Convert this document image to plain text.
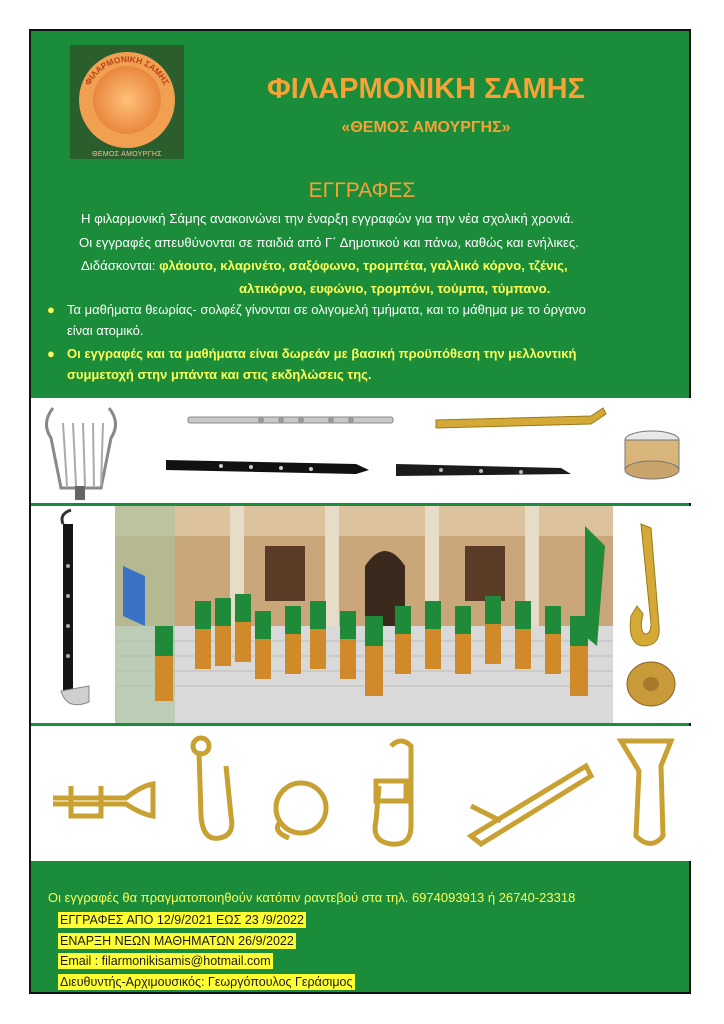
ΦΙΛΑΡΜΟΝΙΚΗ ΣΑΜΗΣ
ΘΕΜΟΣ ΑΜΟΥΡΓΗΣ
ΦΙΛΑΡΜΟΝΙΚΗ ΣΑΜΗΣ
«ΘΕΜΟΣ ΑΜΟΥΡΓΗΣ»
ΕΓΓΡΑΦΕΣ
Η φιλαρμονική Σάμης ανακοινώνει την έναρξη εγγραφών για την νέα σχολική χρονιά.
Οι εγγραφές απευθύνονται σε παιδιά από Γ΄ Δημοτικού και πάνω, καθώς και ενήλικες.
Διδάσκονται: φλάουτο, κλαρινέτο, σαξόφωνο, τρομπέτα, γαλλικό κόρνο, τζένις,
αλτικόρνο, ευφώνιο, τρομπόνι, τούμπα, τύμπανο.
● Τα μαθήματα θεωρίας- σολφέζ γίνονται σε ολιγομελή τμήματα, και το μάθημα με το όργανο
είναι ατομικό.
● Οι εγγραφές και τα μαθήματα είναι δωρεάν με βασική προϋπόθεση την μελλοντική
συμμετοχή στην μπάντα και στις εκδηλώσεις της.
Οι εγγραφές θα πραγματοποιηθούν κατόπιν ραντεβού στα τηλ. 6974093913 ή 26740-23318
ΕΓΓΡΑΦΕΣ ΑΠΟ 12/9/2021 ΕΩΣ 23 /9/2022
ΕΝΑΡΞΗ ΝΕΩΝ ΜΑΘΗΜΑΤΩΝ 26/9/2022
Email : filarmonikisamis@hotmail.com
Διευθυντής-Αρχιμουσικός: Γεωργόπουλος Γεράσιμος
